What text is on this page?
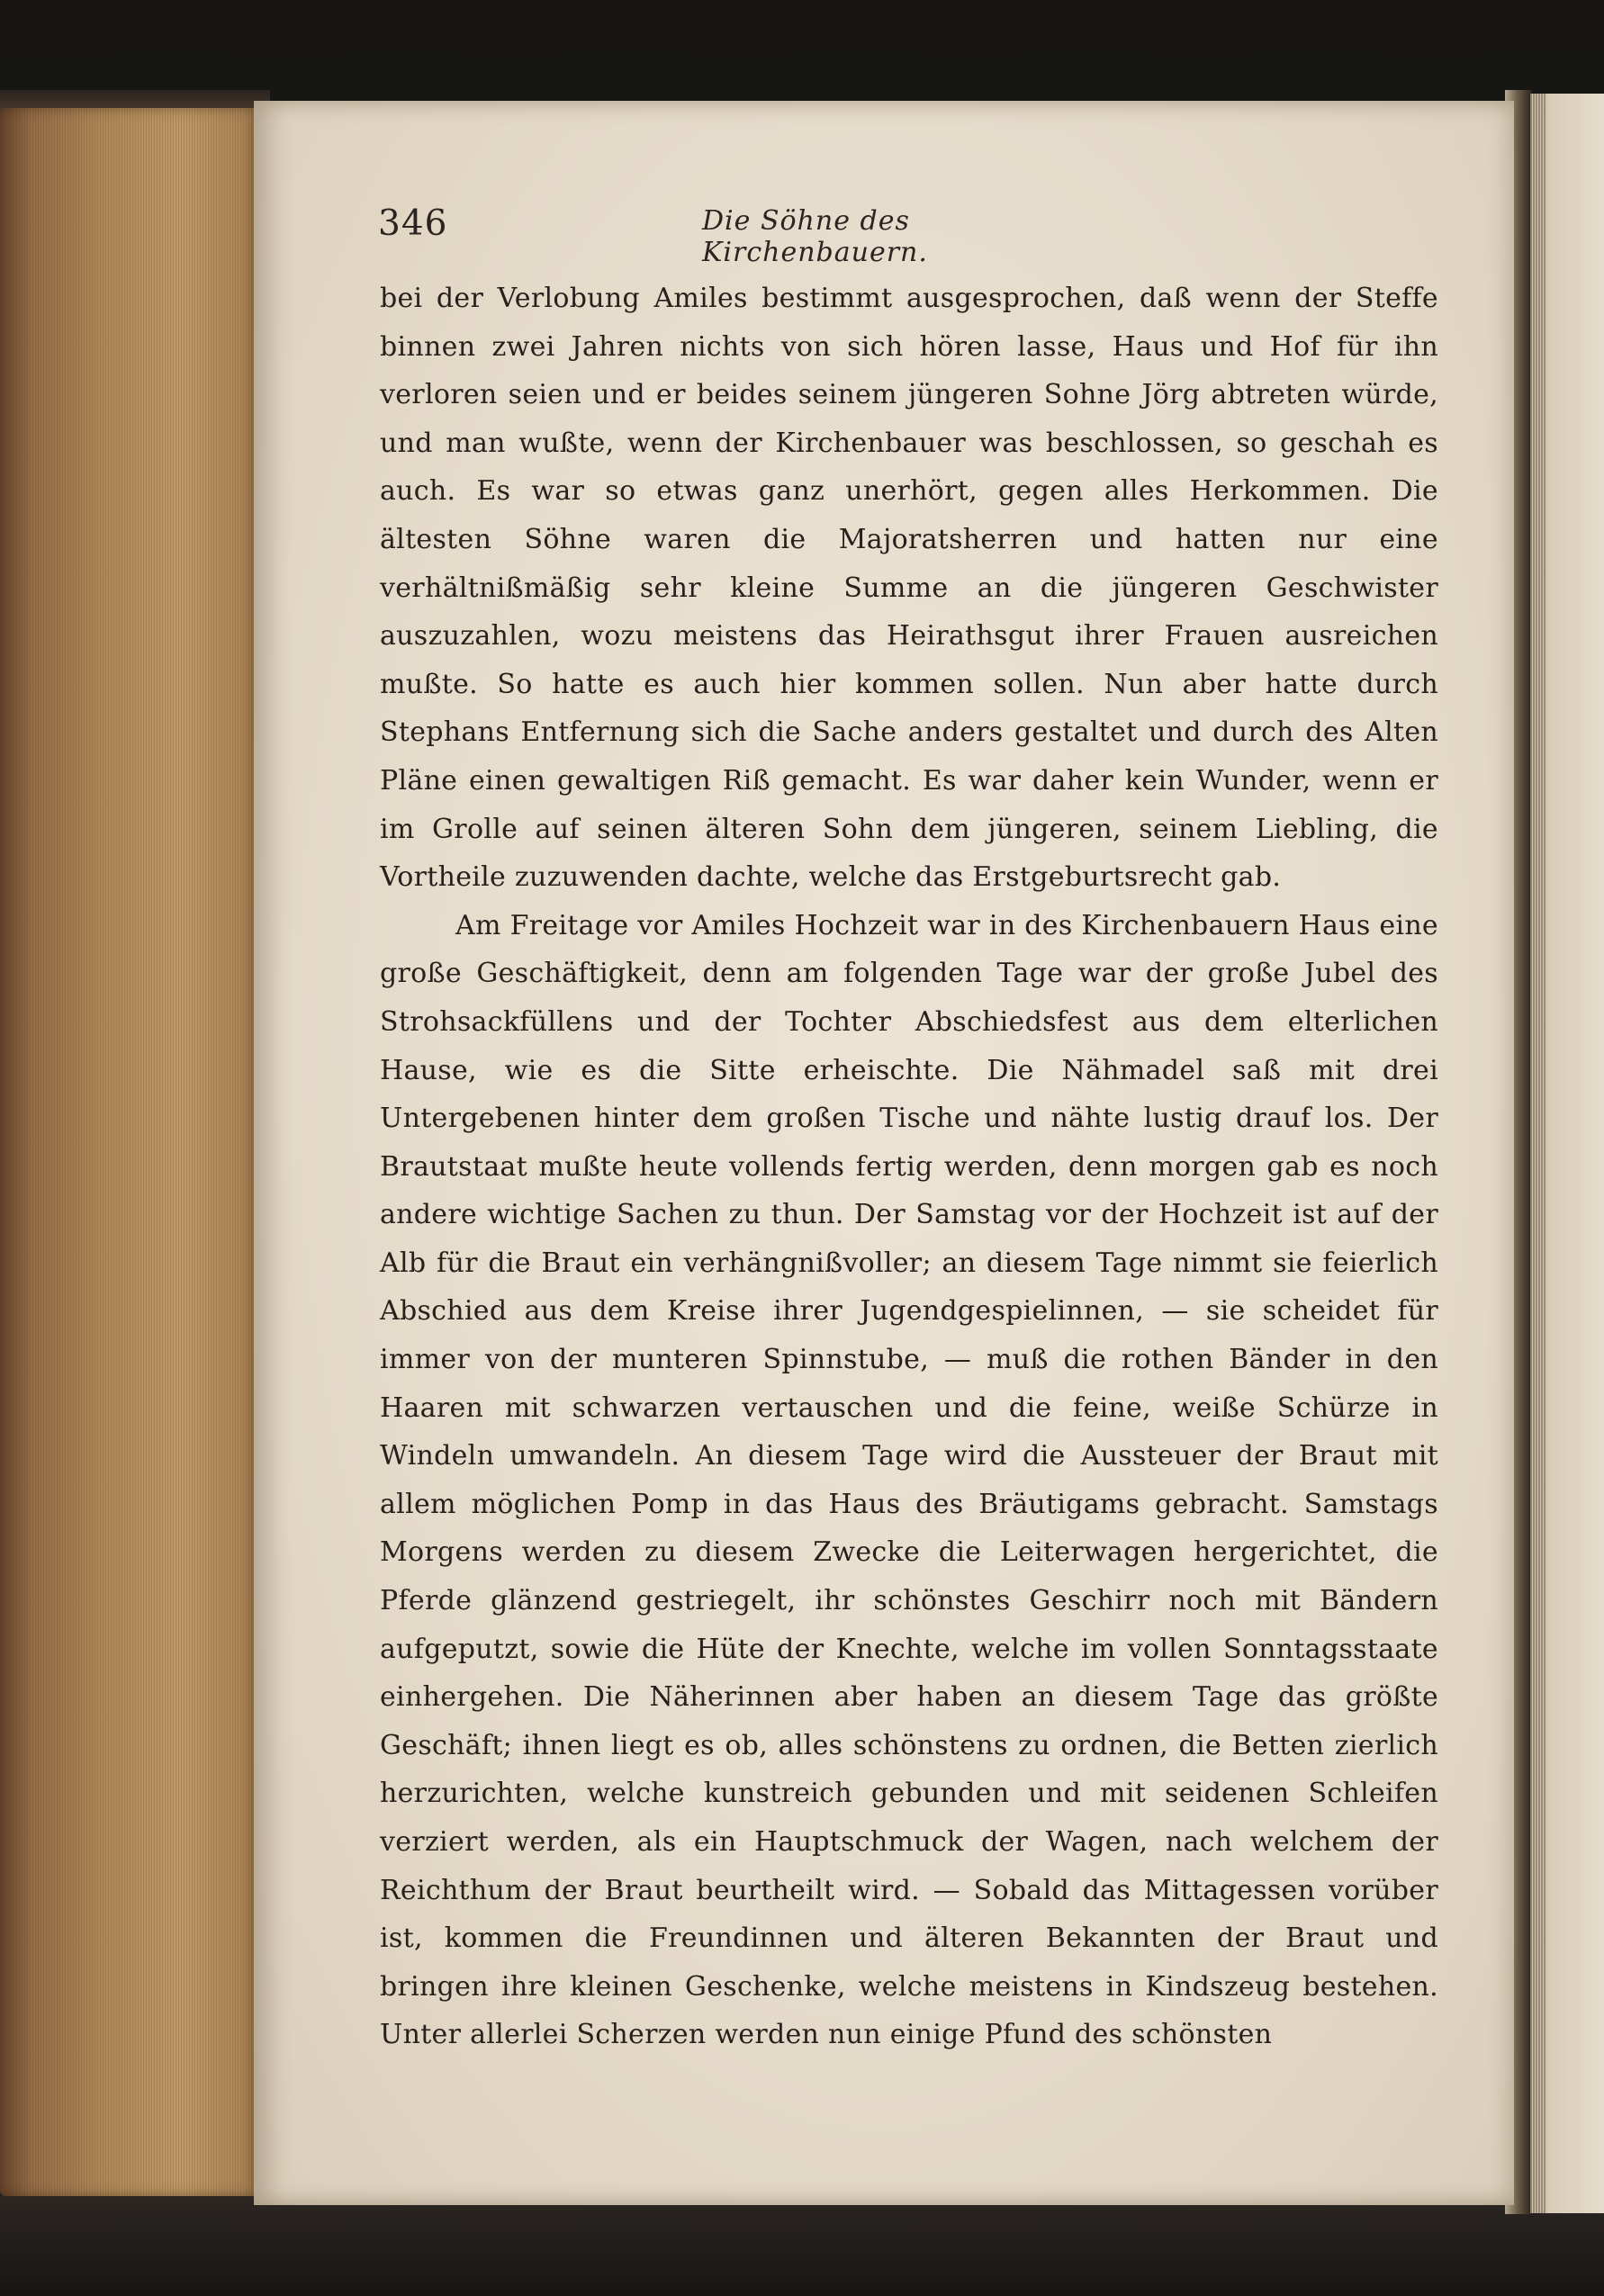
346	Die Söhne des Kirchenbauern.

bei der Verlobung Amiles bestimmt ausgesprochen, daß wenn der Steffe binnen zwei Jahren nichts von sich hören lasse, Haus und Hof für ihn verloren seien und er beides seinem jüngeren Sohne Jörg abtreten würde, und man wußte, wenn der Kirchenbauer was beschlossen, so geschah es auch. Es war so etwas ganz unerhört, gegen alles Herkommen. Die ältesten Söhne waren die Majoratsherren und hatten nur eine verhältnißmäßig sehr kleine Summe an die jüngeren Geschwister auszuzahlen, wozu meistens das Heirathsgut ihrer Frauen ausreichen mußte. So hatte es auch hier kommen sollen. Nun aber hatte durch Stephans Entfernung sich die Sache anders gestaltet und durch des Alten Pläne einen gewaltigen Riß gemacht. Es war daher kein Wunder, wenn er im Grolle auf seinen älteren Sohn dem jüngeren, seinem Liebling, die Vortheile zuzuwenden dachte, welche das Erstgeburtsrecht gab.

Am Freitage vor Amiles Hochzeit war in des Kirchenbauern Haus eine große Geschäftigkeit, denn am folgenden Tage war der große Jubel des Strohsackfüllens und der Tochter Abschiedsfest aus dem elterlichen Hause, wie es die Sitte erheischte. Die Nähmadel saß mit drei Untergebenen hinter dem großen Tische und nähte lustig drauf los. Der Brautstaat mußte heute vollends fertig werden, denn morgen gab es noch andere wichtige Sachen zu thun. Der Samstag vor der Hochzeit ist auf der Alb für die Braut ein verhängnißvoller; an diesem Tage nimmt sie feierlich Abschied aus dem Kreise ihrer Jugendgespielinnen, — sie scheidet für immer von der munteren Spinnstube, — muß die rothen Bänder in den Haaren mit schwarzen vertauschen und die feine, weiße Schürze in Windeln umwandeln. An diesem Tage wird die Aussteuer der Braut mit allem möglichen Pomp in das Haus des Bräutigams gebracht. Samstags Morgens werden zu diesem Zwecke die Leiterwagen hergerichtet, die Pferde glänzend gestriegelt, ihr schönstes Geschirr noch mit Bändern aufgeputzt, sowie die Hüte der Knechte, welche im vollen Sonntagsstaate einhergehen. Die Näherinnen aber haben an diesem Tage das größte Geschäft; ihnen liegt es ob, alles schönstens zu ordnen, die Betten zierlich herzurichten, welche kunstreich gebunden und mit seidenen Schleifen verziert werden, als ein Hauptschmuck der Wagen, nach welchem der Reichthum der Braut beurtheilt wird. — Sobald das Mittagessen vorüber ist, kommen die Freundinnen und älteren Bekannten der Braut und bringen ihre kleinen Geschenke, welche meistens in Kindszeug bestehen. Unter allerlei Scherzen werden nun einige Pfund des schönsten
